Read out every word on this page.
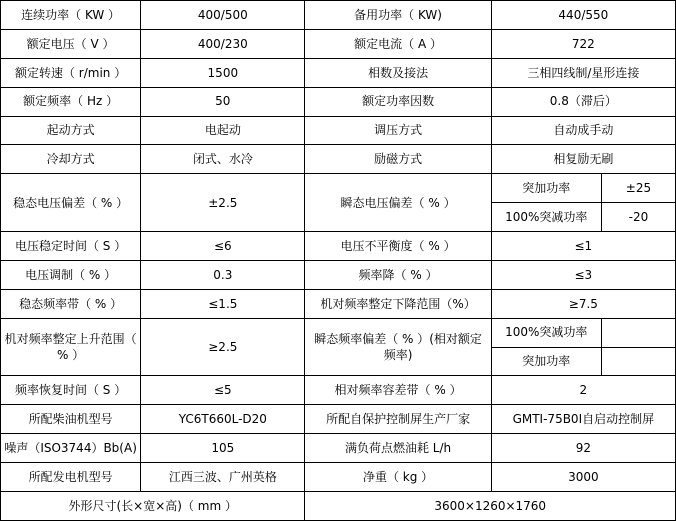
连续功率（ KW ）	400/500	备用功率（ KW)	440/550	
额定电压（ V ）	400/230	额定电流（ A ）	722	
额定转速（ r/min ）	1500	相数及接法	三相四线制/星形连接	
额定频率（ Hz ）	50	额定功率因数	0.8（滞后）	
起动方式	电起动	调压方式	自动成手动	
冷却方式	闭式、水冷	励磁方式	相复励无刷	
稳态电压偏差（ % ）	±2.5	瞬态电压偏差（ % ）	突加功率	±25
			100%突减功率	-20
电压稳定时间（ S ）	≤6	电压不平衡度（ % ）	≤1	
电压调制（ % ）	0.3	频率降（ % ）	≤3	
稳态频率带（ % ）	≤1.5	机对频率整定下降范围（%）	≥7.5	
机对频率整定上升范围（ % ）	≥2.5	瞬态频率偏差（ % ）(相对额定频率)	100%突减功率	
			突加功率	
频率恢复时间（ S ）	≤5	相对频率容差带（ % ）	2	
所配柴油机型号	YC6T660L-D20	所配自保护控制屏生产厂家	GMTI-75B0I自启动控制屏	
噪声（ISO3744）Bb(A)	105	满负荷点燃油耗 L/h	92	
所配发电机型号	江西三波、广州英格	净重（ kg ）	3000	
外形尺寸(长×宽×高)（ mm ）		3600×1260×1760		
